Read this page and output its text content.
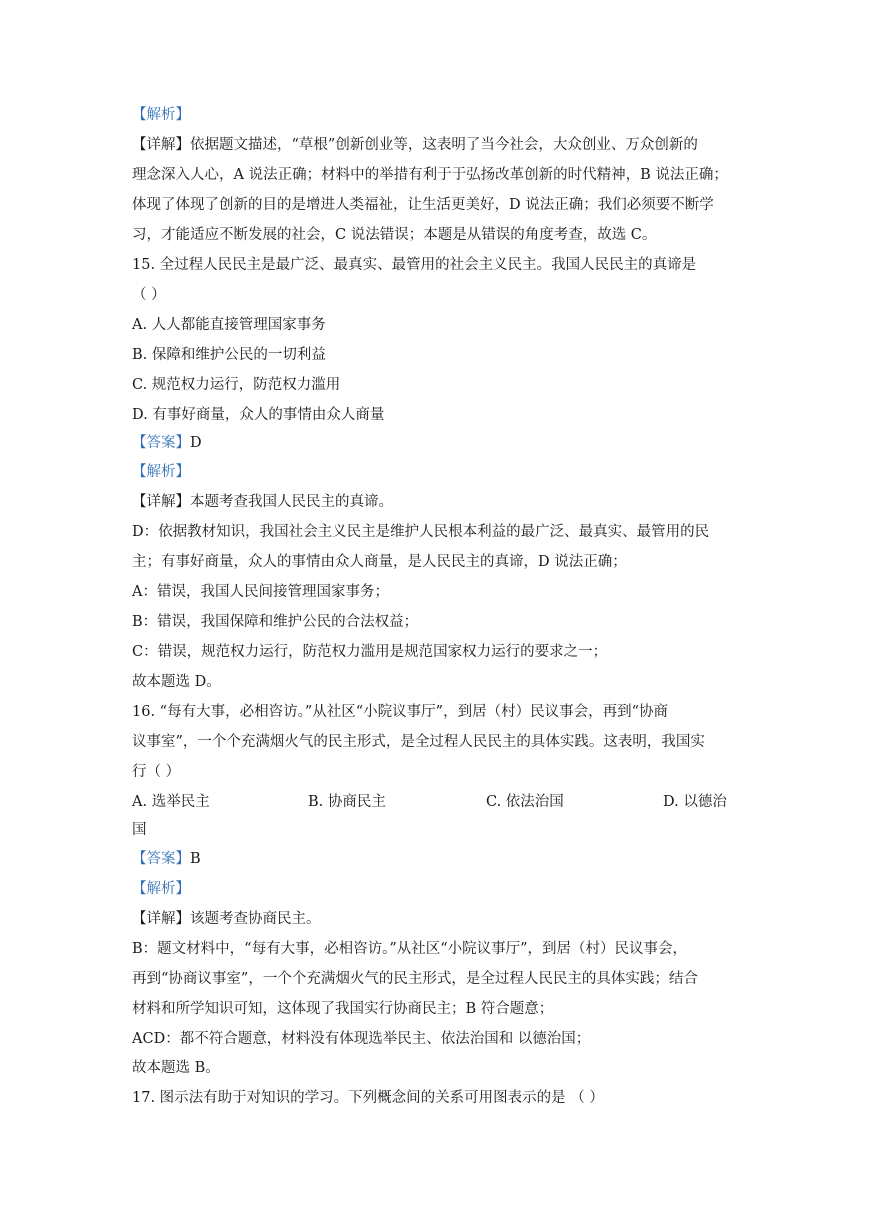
【解析】
【详解】依据题文描述，“草根”创新创业等，这表明了当今社会，大众创业、万众创新的
理念深入人心，A 说法正确；材料中的举措有利于于弘扬改革创新的时代精神，B 说法正确；
体现了体现了创新的目的是增进人类福祉，让生活更美好，D 说法正确；我们必须要不断学
习，才能适应不断发展的社会，C 说法错误；本题是从错误的角度考查，故选 C。
15. 全过程人民民主是最广泛、最真实、最管用的社会主义民主。我国人民民主的真谛是
（ ）
A. 人人都能直接管理国家事务
B. 保障和维护公民的一切利益
C. 规范权力运行，防范权力滥用
D. 有事好商量，众人的事情由众人商量
【答案】D
【解析】
【详解】本题考查我国人民民主的真谛。
D：依据教材知识，我国社会主义民主是维护人民根本利益的最广泛、最真实、最管用的民
主；有事好商量，众人的事情由众人商量，是人民民主的真谛，D 说法正确；
A：错误，我国人民间接管理国家事务；
B：错误，我国保障和维护公民的合法权益；
C：错误，规范权力运行，防范权力滥用是规范国家权力运行的要求之一；
故本题选 D。
16. “每有大事，必相咨访。”从社区“小院议事厅”，到居（村）民议事会，再到“协商
议事室”，一个个充满烟火气的民主形式，是全过程人民民主的具体实践。这表明，我国实
行（ ）
A. 选举民主	B. 协商民主	C. 依法治国	D. 以德治
国
【答案】B
【解析】
【详解】该题考查协商民主。
B：题文材料中，“每有大事，必相咨访。”从社区“小院议事厅”，到居（村）民议事会，
再到“协商议事室”，一个个充满烟火气的民主形式，是全过程人民民主的具体实践；结合
材料和所学知识可知，这体现了我国实行协商民主；B 符合题意；
ACD：都不符合题意，材料没有体现选举民主、依法治国和 以德治国；
故本题选 B。
17. 图示法有助于对知识的学习。下列概念间的关系可用图表示的是 （ ）
